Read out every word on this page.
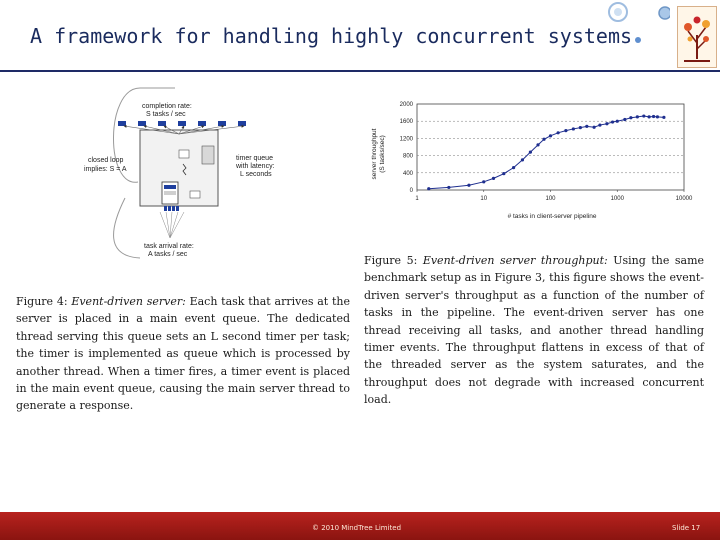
A framework for handling highly concurrent systems
completion rate:
S tasks / sec
closed loop
implies: S = A
timer queue
with latency:
L seconds
task arrival rate:
A tasks / sec
server throughput (S tasks/sec)
# tasks in client-server pipeline
0
400
800
1200
1600
2000
1	10	100	1000	10000
Figure 5: Event-driven server throughput: Using the same benchmark setup as in Figure 3, this figure shows the event-driven server's throughput as a function of the number of tasks in the pipeline. The event-driven server has one thread receiving all tasks, and another thread handling timer events. The throughput flattens in excess of that of the threaded server as the system saturates, and the throughput does not degrade with increased concurrent load.
Figure 4: Event-driven server: Each task that arrives at the server is placed in a main event queue. The dedicated thread serving this queue sets an L second timer per task; the timer is implemented as queue which is processed by another thread. When a timer fires, a timer event is placed in the main event queue, causing the main server thread to generate a response.
© 2010 MindTree Limited	Slide 17
